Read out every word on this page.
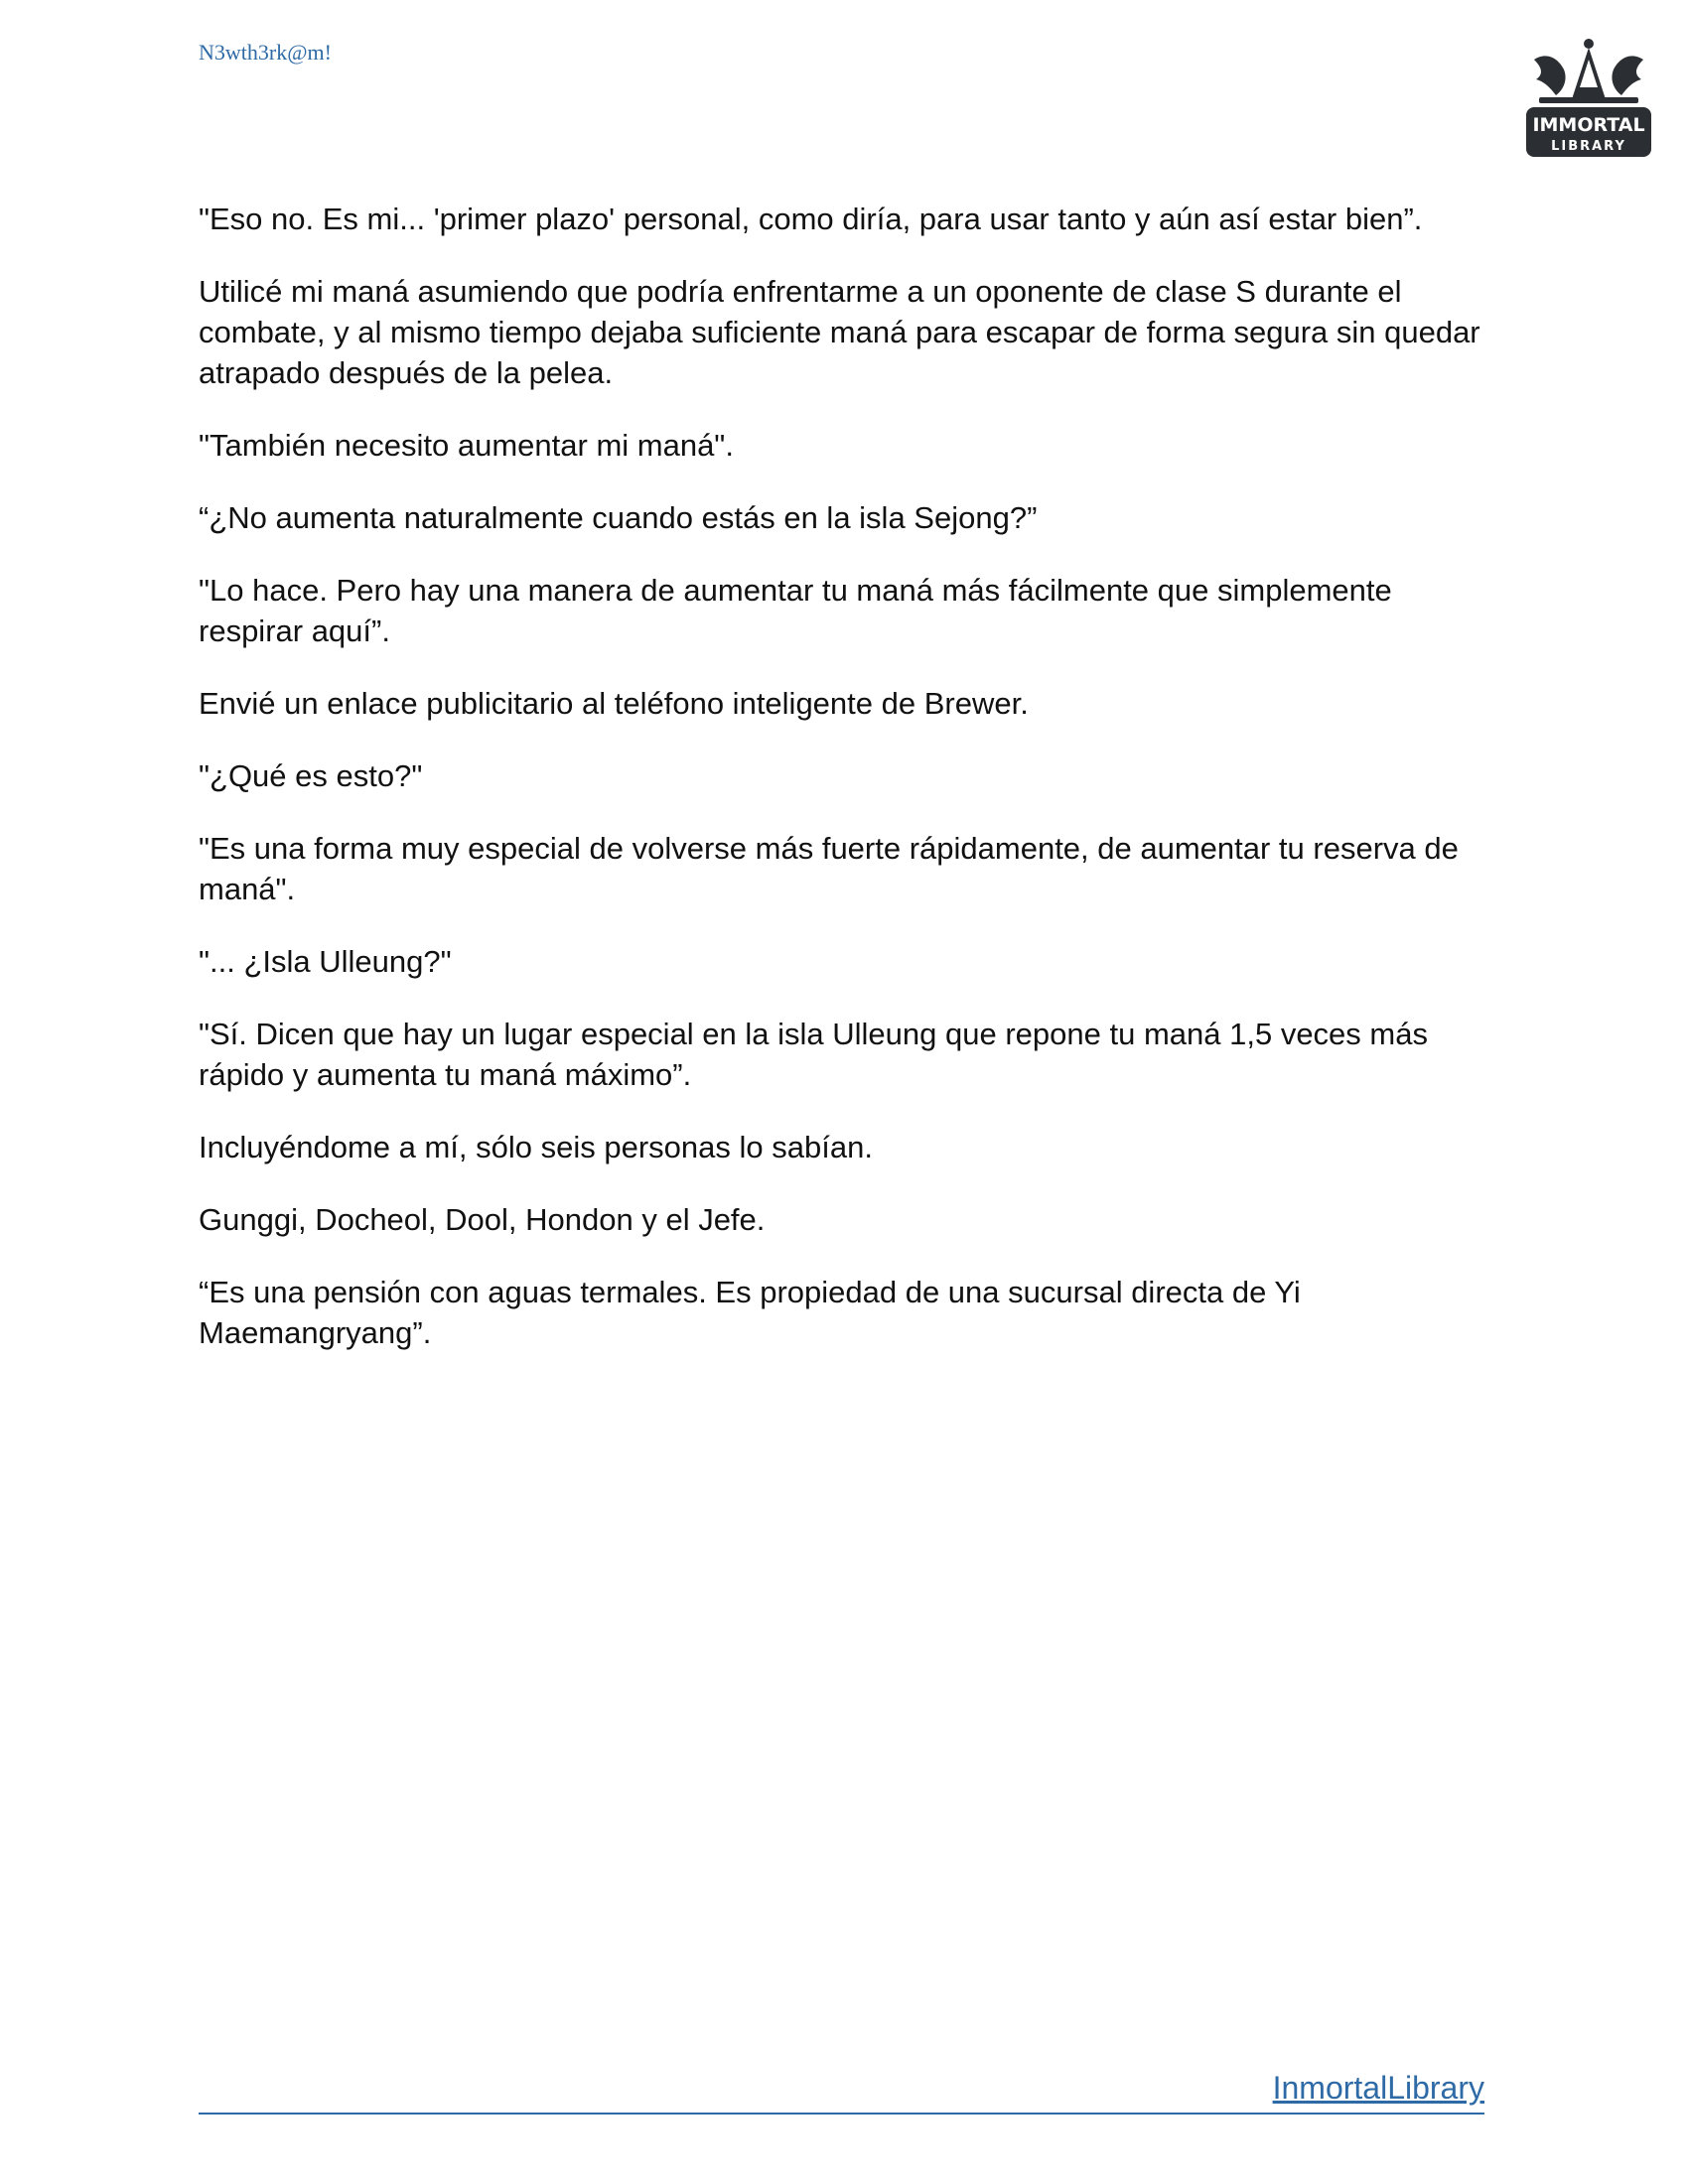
N3wth3rk@m!
IMMORTAL
LIBRARY

"Eso no. Es mi... 'primer plazo' personal, como diría, para usar tanto y aún así estar bien”.

Utilicé mi maná asumiendo que podría enfrentarme a un oponente de clase S durante el combate, y al mismo tiempo dejaba suficiente maná para escapar de forma segura sin quedar atrapado después de la pelea.

"También necesito aumentar mi maná".

“¿No aumenta naturalmente cuando estás en la isla Sejong?”

"Lo hace. Pero hay una manera de aumentar tu maná más fácilmente que simplemente respirar aquí”.

Envié un enlace publicitario al teléfono inteligente de Brewer.

"¿Qué es esto?"

"Es una forma muy especial de volverse más fuerte rápidamente, de aumentar tu reserva de maná".

"... ¿Isla Ulleung?"

"Sí. Dicen que hay un lugar especial en la isla Ulleung que repone tu maná 1,5 veces más rápido y aumenta tu maná máximo”.

Incluyéndome a mí, sólo seis personas lo sabían.

Gunggi, Docheol, Dool, Hondon y el Jefe.

“Es una pensión con aguas termales. Es propiedad de una sucursal directa de Yi Maemangryang”.

InmortalLibrary
